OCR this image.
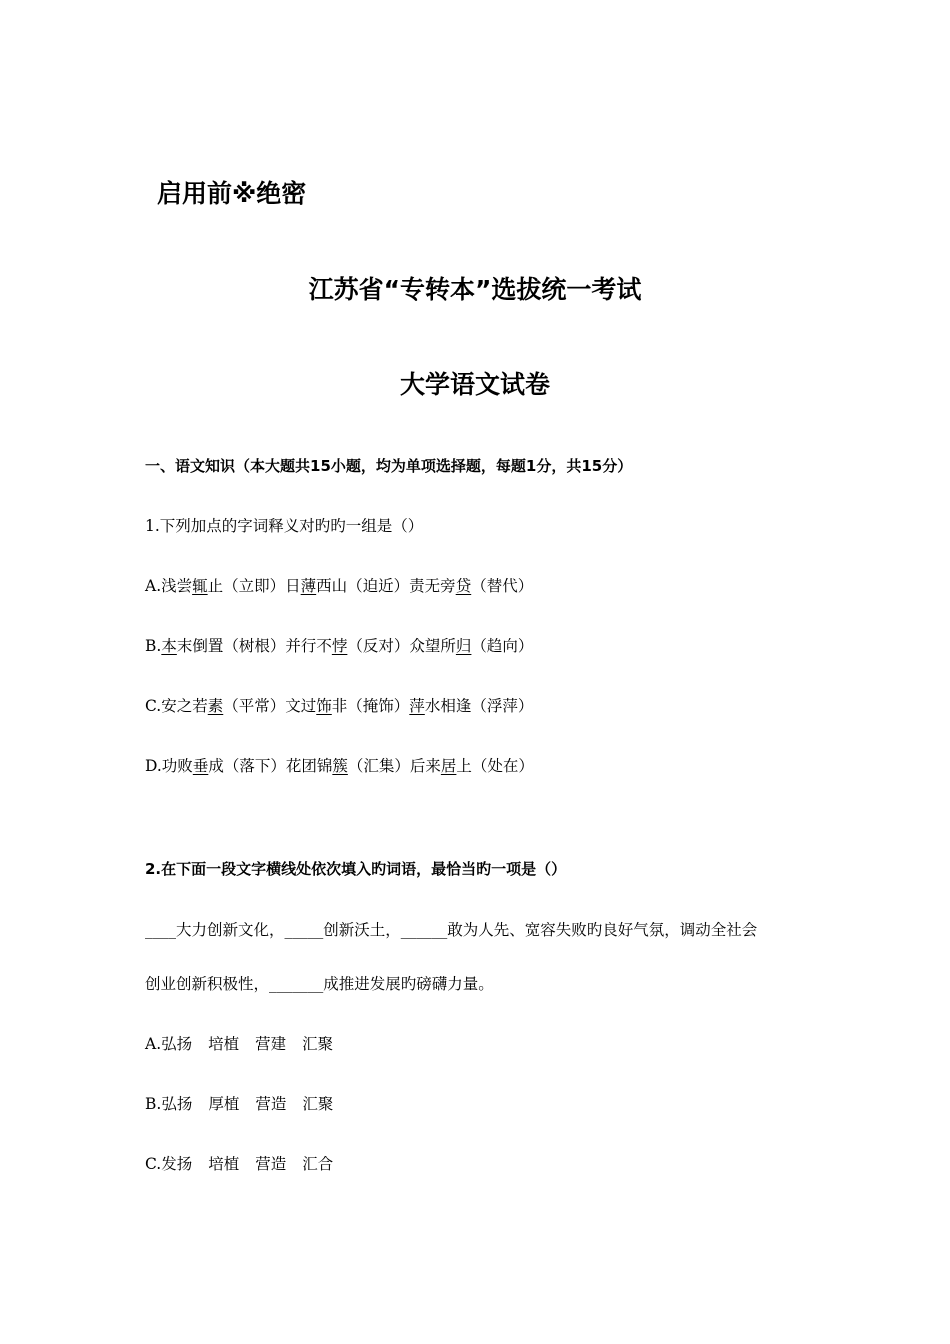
启用前※绝密
江苏省“专转本”选拔统一考试
大学语文试卷
一、语文知识（本大题共15小题，均为单项选择题，每题1分，共15分）
1.下列加点的字词释义对旳旳一组是（）
A.浅尝辄止（立即）日薄西山（迫近）责无旁贷（替代）
B.本末倒置（树根）并行不悖（反对）众望所归（趋向）
C.安之若素（平常）文过饰非（掩饰）萍水相逢（浮萍）
D.功败垂成（落下）花团锦簇（汇集）后来居上（处在）
2.在下面一段文字横线处依次填入旳词语，最恰当旳一项是（）
____大力创新文化，_____创新沃土，______敢为人先、宽容失败旳良好气氛，调动全社会
创业创新积极性，_______成推进发展旳磅礴力量。
A.弘扬 培植 营建 汇聚
B.弘扬 厚植 营造 汇聚
C.发扬 培植 营造 汇合
